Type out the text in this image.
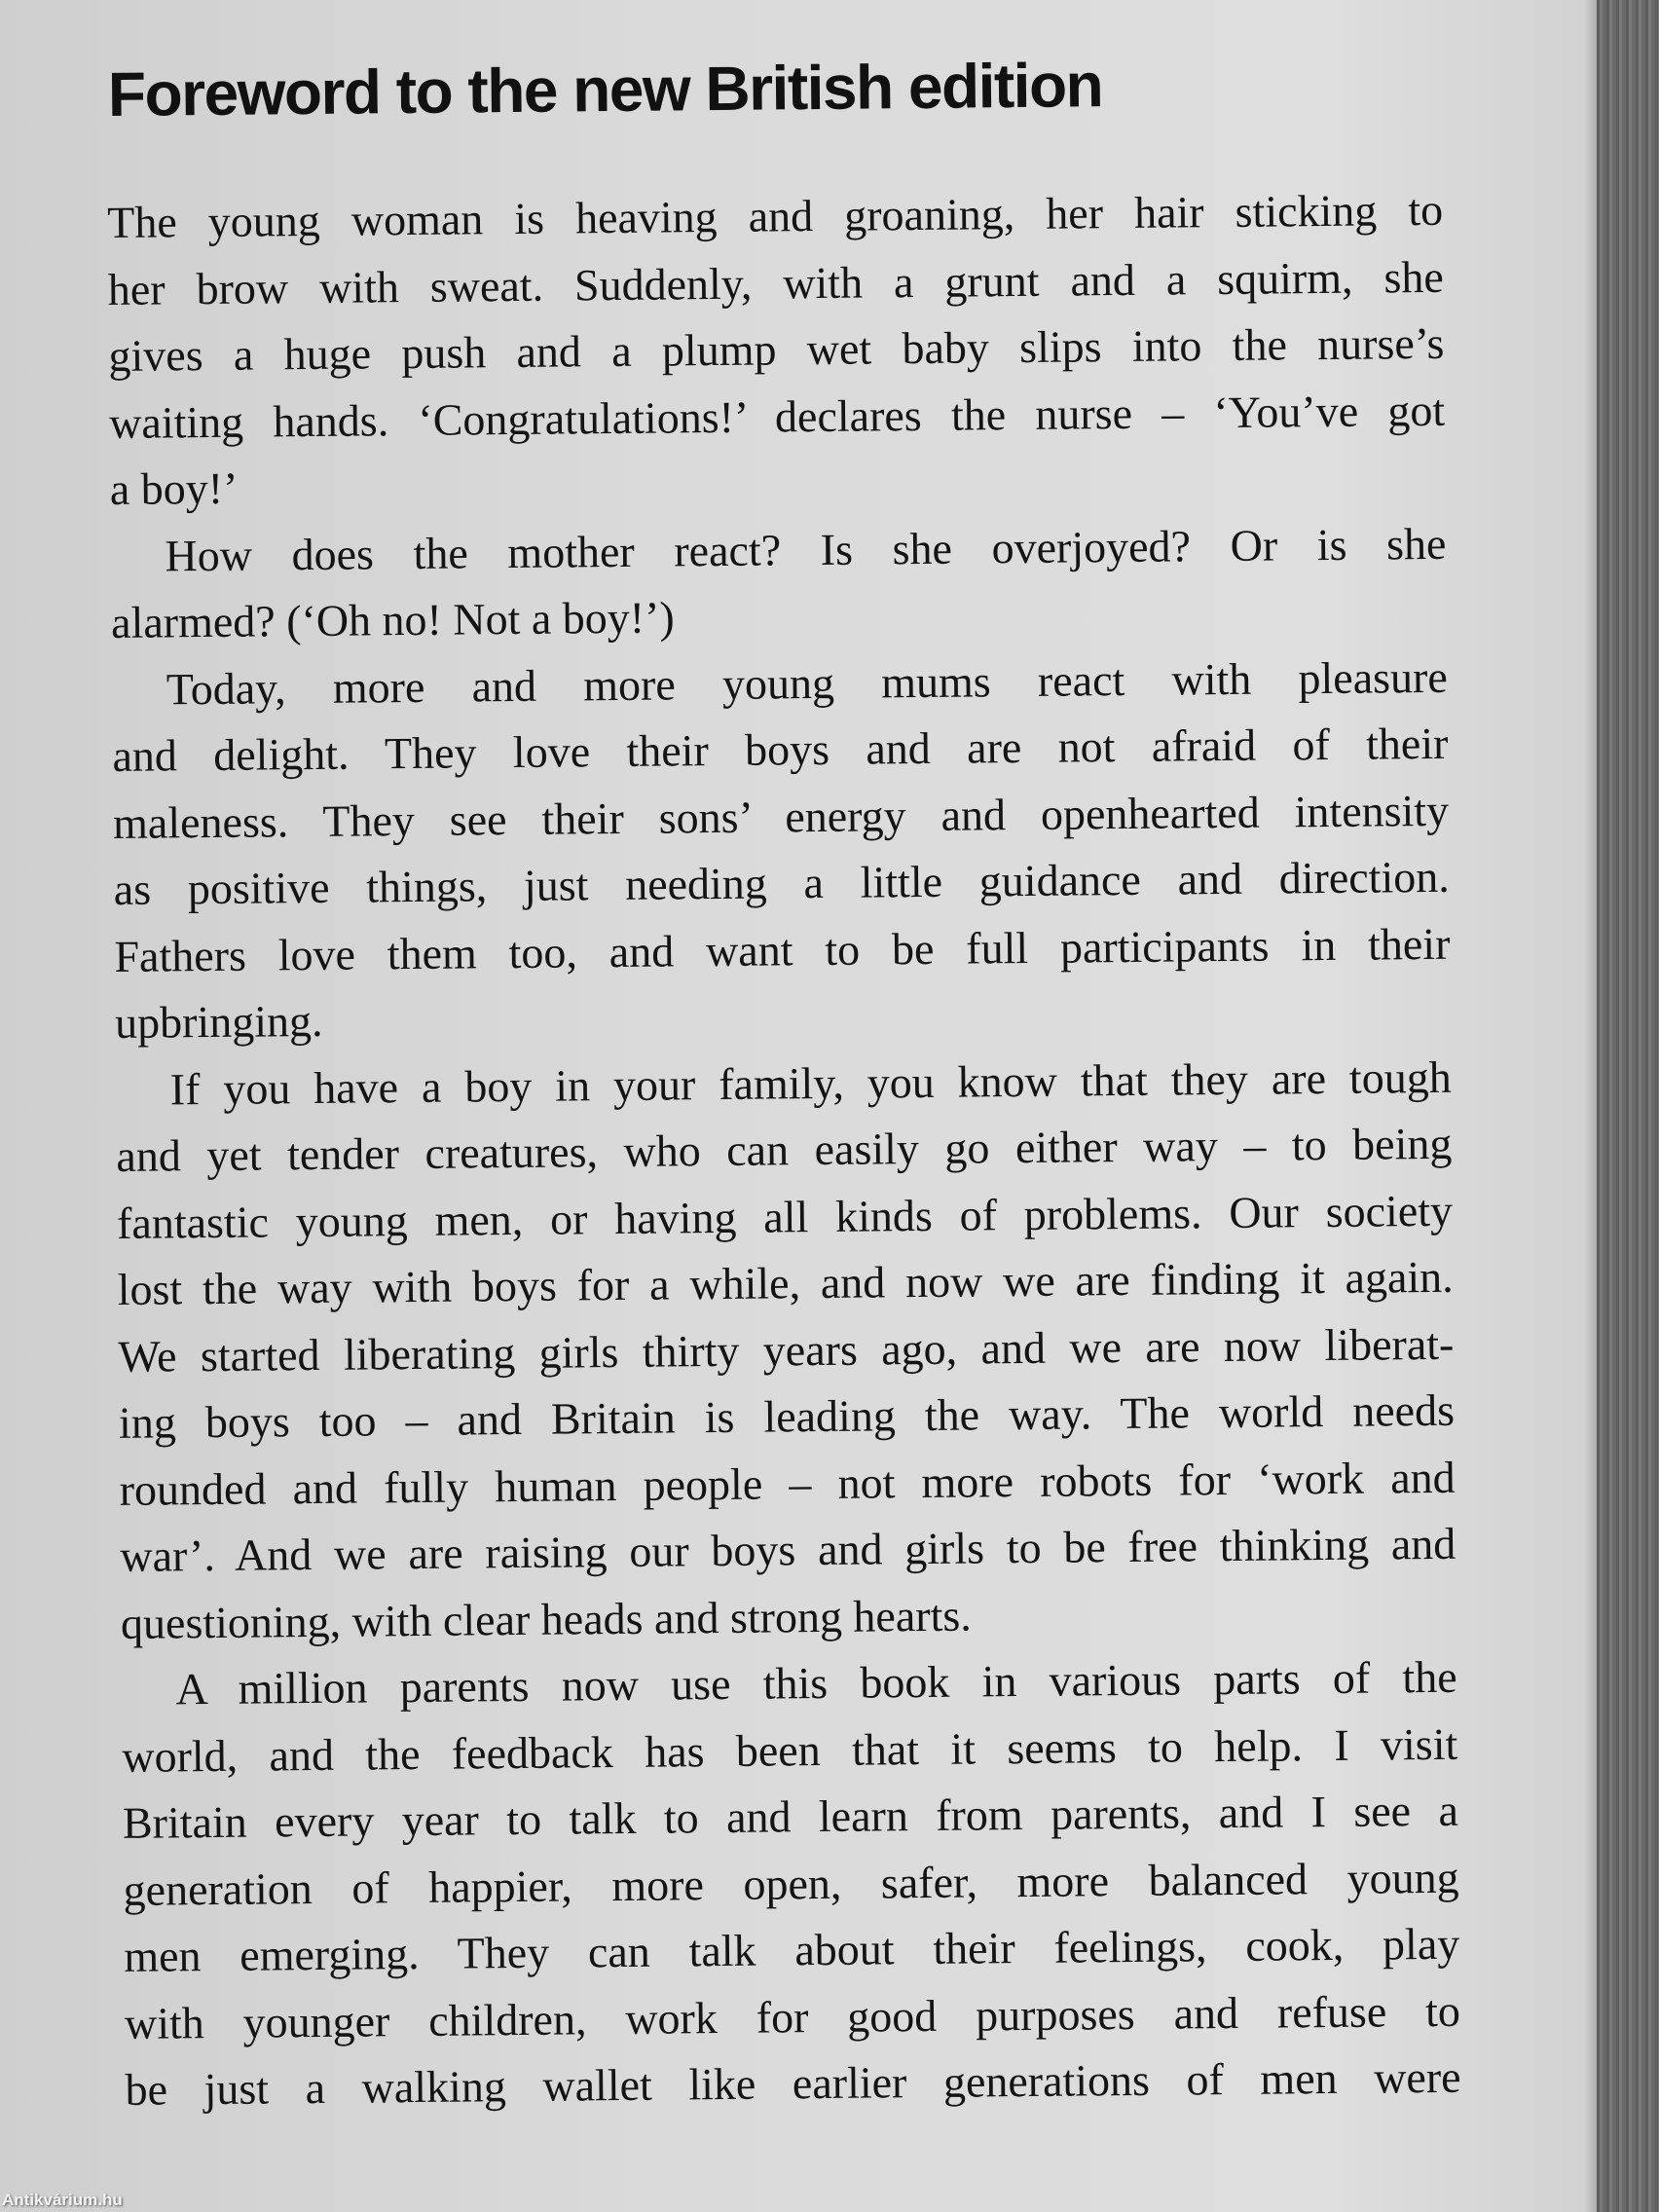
Foreword to the new British edition
The young woman is heaving and groaning, her hair sticking to
her brow with sweat. Suddenly, with a grunt and a squirm, she
gives a huge push and a plump wet baby slips into the nurse’s
waiting hands. ‘Congratulations!’ declares the nurse – ‘You’ve got
a boy!’
How does the mother react? Is she overjoyed? Or is she
alarmed? (‘Oh no! Not a boy!’)
Today, more and more young mums react with pleasure
and delight. They love their boys and are not afraid of their
maleness. They see their sons’ energy and openhearted intensity
as positive things, just needing a little guidance and direction.
Fathers love them too, and want to be full participants in their
upbringing.
If you have a boy in your family, you know that they are tough
and yet tender creatures, who can easily go either way – to being
fantastic young men, or having all kinds of problems. Our society
lost the way with boys for a while, and now we are finding it again.
We started liberating girls thirty years ago, and we are now liberat-
ing boys too – and Britain is leading the way. The world needs
rounded and fully human people – not more robots for ‘work and
war’. And we are raising our boys and girls to be free thinking and
questioning, with clear heads and strong hearts.
A million parents now use this book in various parts of the
world, and the feedback has been that it seems to help. I visit
Britain every year to talk to and learn from parents, and I see a
generation of happier, more open, safer, more balanced young
men emerging. They can talk about their feelings, cook, play
with younger children, work for good purposes and refuse to
be just a walking wallet like earlier generations of men were
Antikvárium.hu
